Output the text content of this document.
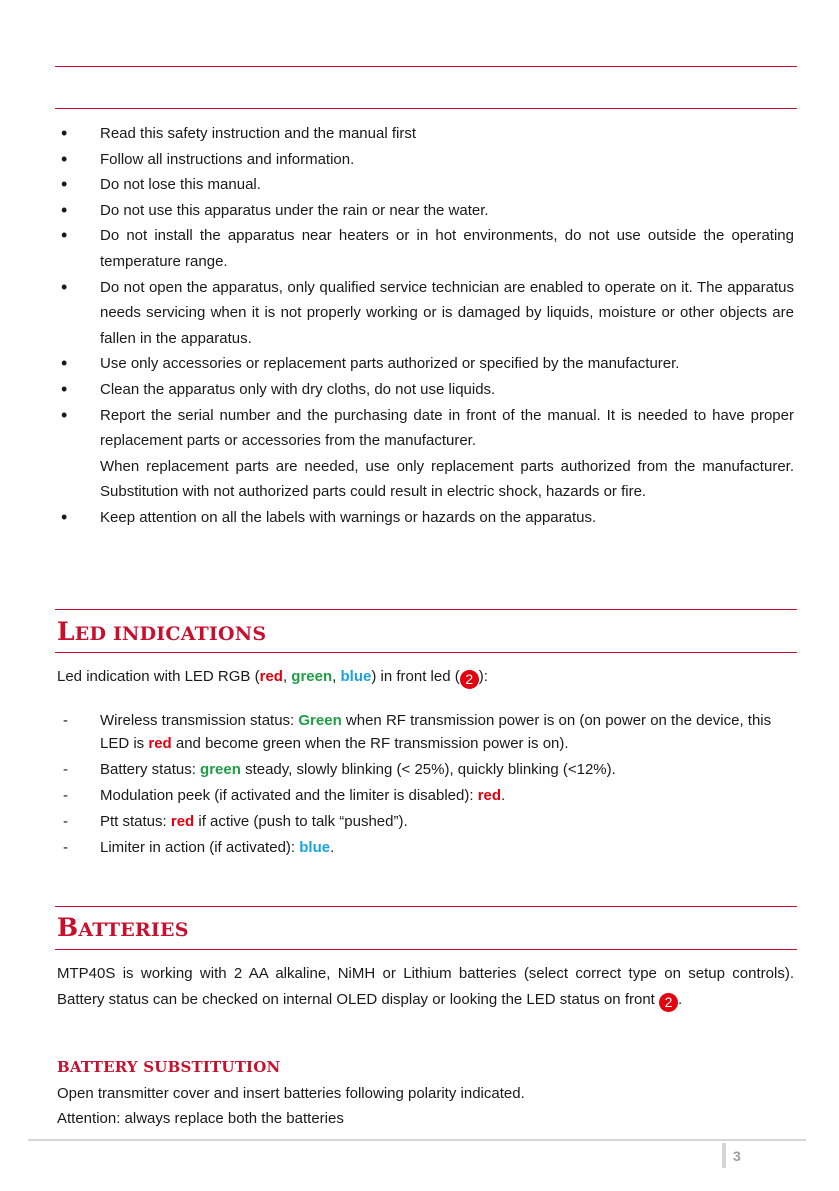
• Read this safety instruction and the manual first
• Follow all instructions and information.
• Do not lose this manual.
• Do not use this apparatus under the rain or near the water.
• Do not install the apparatus near heaters or in hot environments, do not use outside the operating temperature range.
• Do not open the apparatus, only qualified service technician are enabled to operate on it. The apparatus needs servicing when it is not properly working or is damaged by liquids, moisture or other objects are fallen in the apparatus.
• Use only accessories or replacement parts authorized or specified by the manufacturer.
• Clean the apparatus only with dry cloths, do not use liquids.

• Report the serial number and the purchasing date in front of the manual. It is needed to have proper replacement parts or accessories from the manufacturer.

When replacement parts are needed, use only replacement parts authorized from the manufacturer. Substitution with not authorized parts could result in electric shock, hazards or fire.

• Keep attention on all the labels with warnings or hazards on the apparatus.
LED INDICATIONS

Led indication with LED RGB (red, green, blue) in front led ( 2 ):

- Wireless transmission status: Green when RF transmission power is on (on power on the device, this LED is red and become green when the RF transmission power is on).
- Battery status: green steady, slowly blinking (< 25%), quickly blinking (<12%).
- Modulation peek (if activated and the limiter is disabled): red.
- Ptt status: red if active (push to talk “pushed”).
- Limiter in action (if activated): blue.
BATTERIES

MTP40S is working with 2 AA alkaline, NiMH or Lithium batteries (select correct type on setup controls). Battery status can be checked on internal OLED display or looking the LED status on front 2 .

BATTERY SUBSTITUTION

Open transmitter cover and insert batteries following polarity indicated.

Attention: always replace both the batteries

3
